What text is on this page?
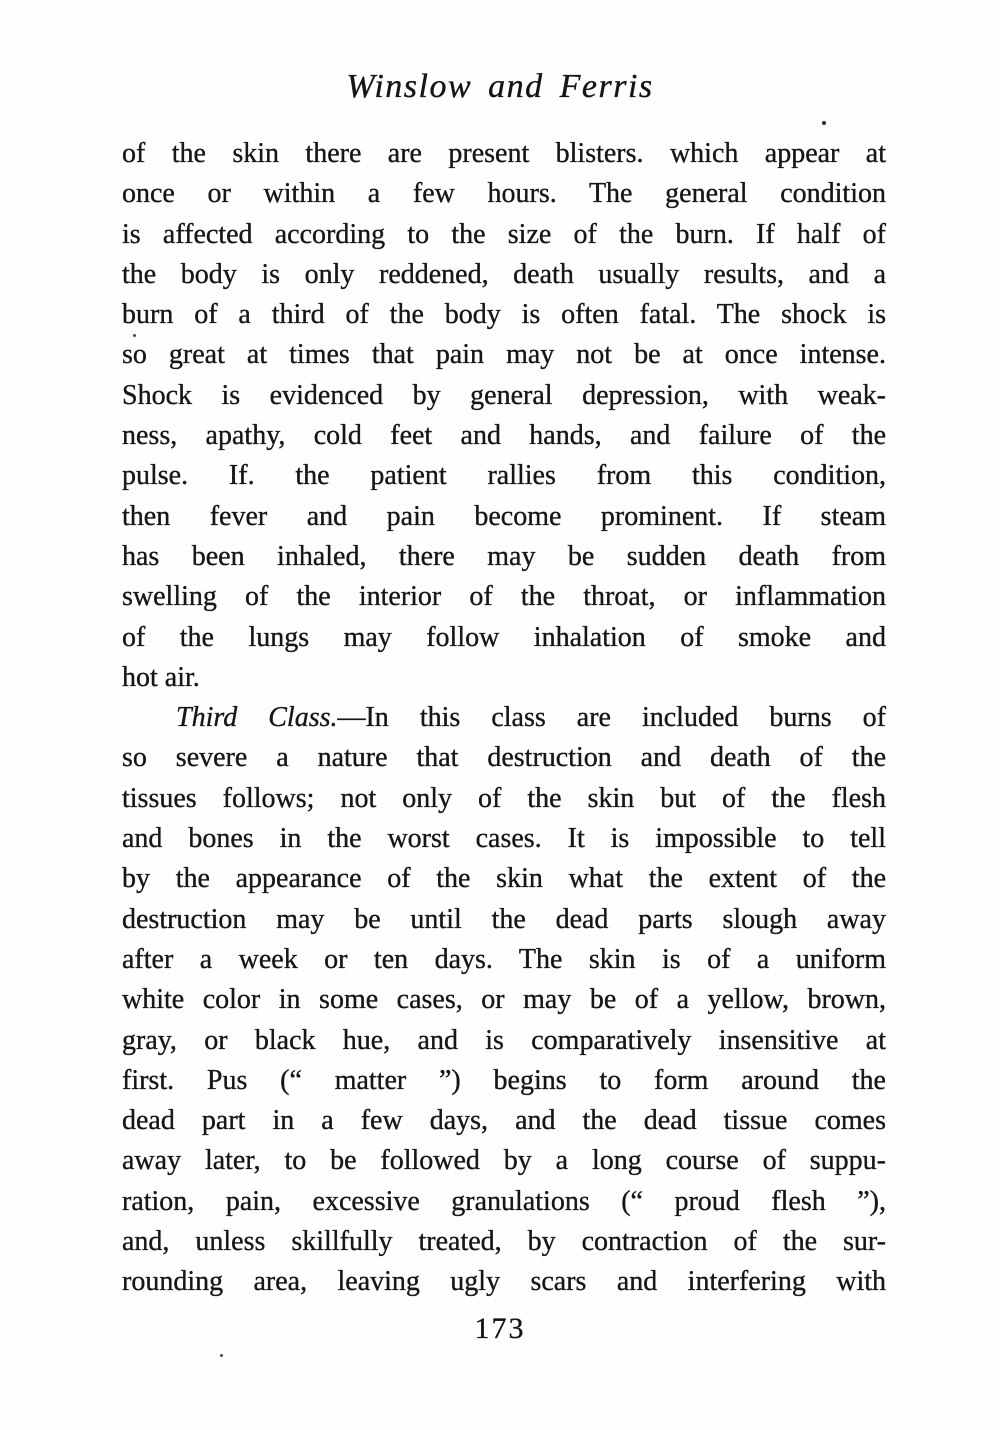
Winslow and Ferris
of the skin there are present blisters. which appear at
once or within a few hours. The general condition
is affected according to the size of the burn. If half of
the body is only reddened, death usually results, and a
burn of a third of the body is often fatal. The shock is
so great at times that pain may not be at once intense.
Shock is evidenced by general depression, with weak-
ness, apathy, cold feet and hands, and failure of the
pulse. If. the patient rallies from this condition,
then fever and pain become prominent. If steam
has been inhaled, there may be sudden death from
swelling of the interior of the throat, or inflammation
of the lungs may follow inhalation of smoke and
hot air.
Third Class.—In this class are included burns of
so severe a nature that destruction and death of the
tissues follows; not only of the skin but of the flesh
and bones in the worst cases. It is impossible to tell
by the appearance of the skin what the extent of the
destruction may be until the dead parts slough away
after a week or ten days. The skin is of a uniform
white color in some cases, or may be of a yellow, brown,
gray, or black hue, and is comparatively insensitive at
first. Pus (“ matter ”) begins to form around the
dead part in a few days, and the dead tissue comes
away later, to be followed by a long course of suppu-
ration, pain, excessive granulations (“ proud flesh ”),
and, unless skillfully treated, by contraction of the sur-
rounding area, leaving ugly scars and interfering with
173
